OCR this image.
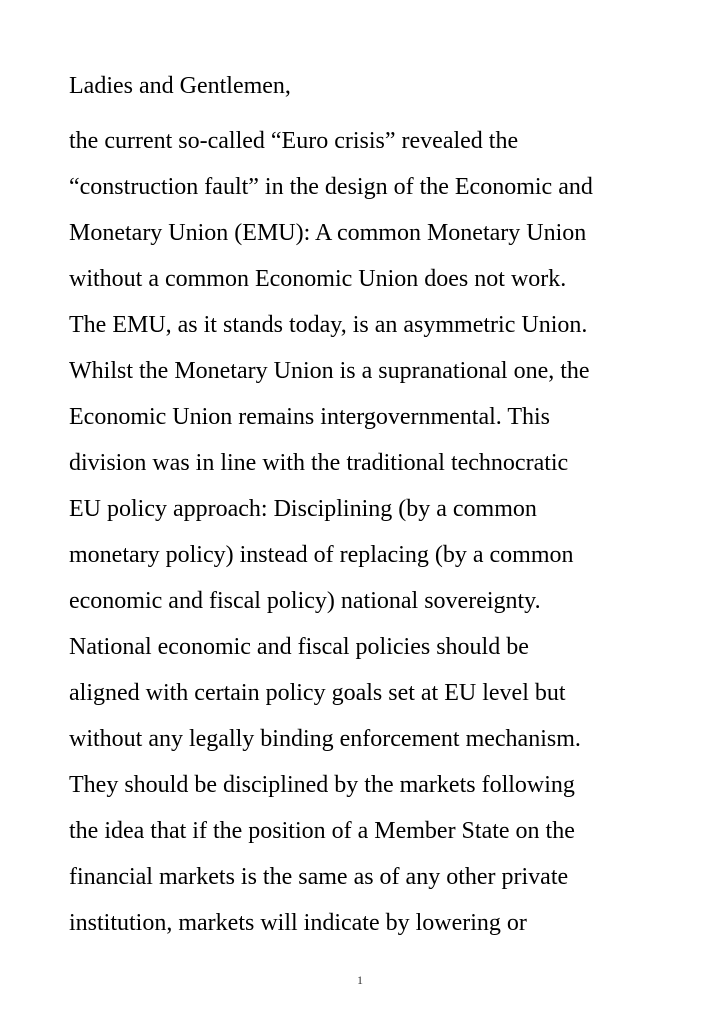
Ladies and Gentlemen,

the current so-called “Euro crisis” revealed the
“construction fault” in the design of the Economic and
Monetary Union (EMU): A common Monetary Union
without a common Economic Union does not work.
The EMU, as it stands today, is an asymmetric Union.
Whilst the Monetary Union is a supranational one, the
Economic Union remains intergovernmental. This
division was in line with the traditional technocratic
EU policy approach: Disciplining (by a common
monetary policy) instead of replacing (by a common
economic and fiscal policy) national sovereignty.
National economic and fiscal policies should be
aligned with certain policy goals set at EU level but
without any legally binding enforcement mechanism.
They should be disciplined by the markets following
the idea that if the position of a Member State on the
financial markets is the same as of any other private
institution, markets will indicate by lowering or
1
